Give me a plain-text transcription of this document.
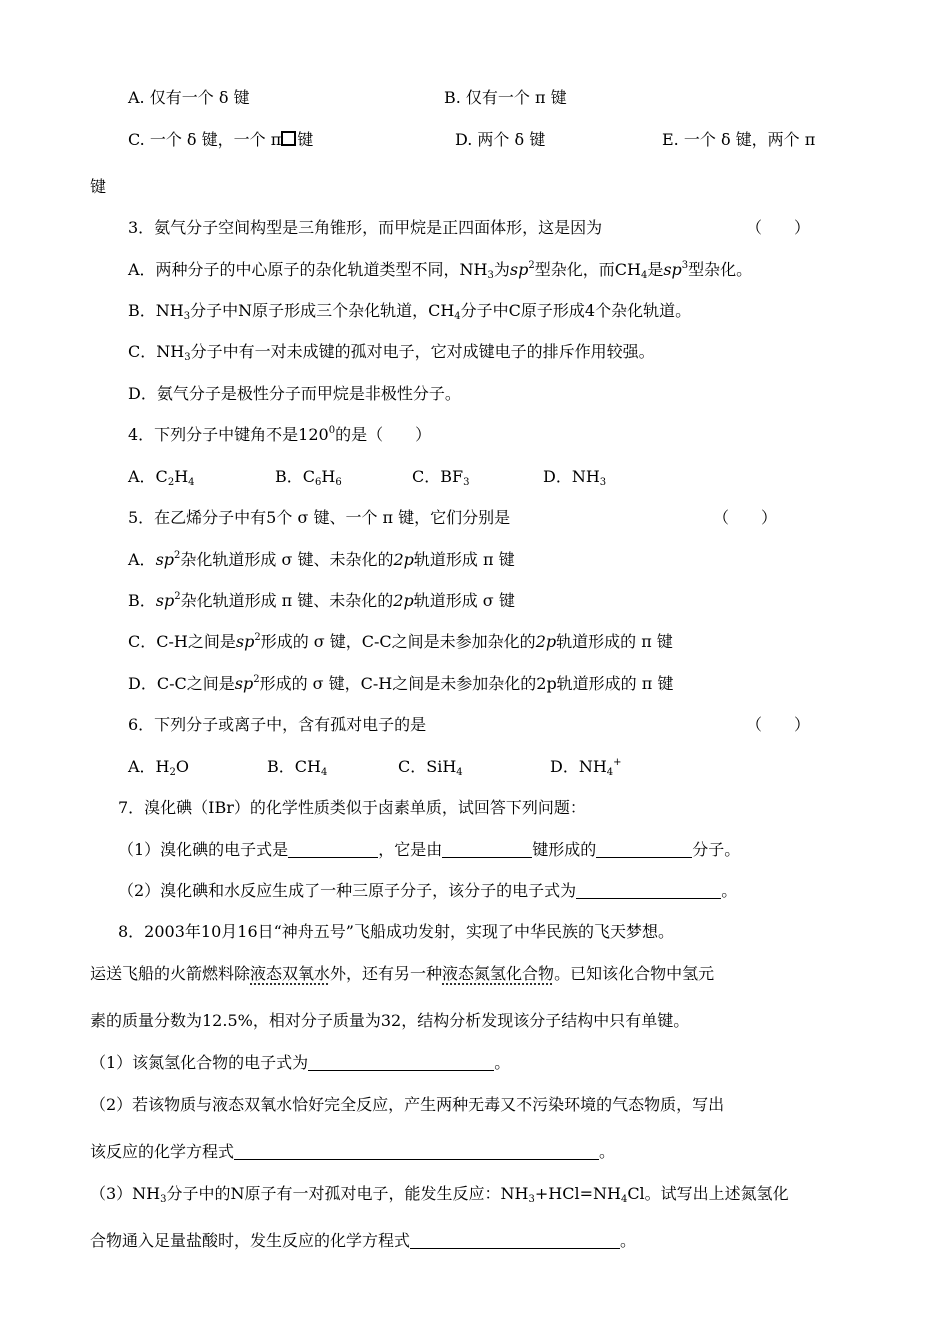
A. 仅有一个 δ 键	B. 仅有一个 π 键
C. 一个 δ 键，一个 π 键	D. 两个 δ 键	E. 一个 δ 键，两个 π
键
3．氨气分子空间构型是三角锥形，而甲烷是正四面体形，这是因为	（　　）
A．两种分子的中心原子的杂化轨道类型不同，$NH_3$为$sp^2$型杂化，而$CH_4$是$sp^3$型杂化。
B．$NH_3$分子中N原子形成三个杂化轨道，$CH_4$分子中C原子形成4个杂化轨道。
C．$NH_3$分子中有一对未成键的孤对电子，它对成键电子的排斥作用较强。
D．氨气分子是极性分子而甲烷是非极性分子。
4．下列分子中键角不是$120^0$的是（　　）
A．$C_2H_4$	B．$C_6H_6$	C．$BF_3$	D．$NH_3$
5．在乙烯分子中有5个 σ 键、一个 π 键，它们分别是	（　　）
A．$sp^2$杂化轨道形成 σ 键、未杂化的2p轨道形成 π 键
B．$sp^2$杂化轨道形成 π 键、未杂化的2p轨道形成 σ 键
C．C-H之间是$sp^2$形成的 σ 键，C-C之间是未参加杂化的2p轨道形成的 π 键
D．C-C之间是$sp^2$形成的 σ 键，C-H之间是未参加杂化的2p轨道形成的 π 键
6．下列分子或离子中，含有孤对电子的是	（　　）
A．$H_2O$	B．$CH_4$	C．SiH$_4$	D．$NH_4^+$
7．溴化碘（IBr）的化学性质类似于卤素单质，试回答下列问题：
（1）溴化碘的电子式是	，它是由	键形成的	分子。
（2）溴化碘和水反应生成了一种三原子分子，该分子的电子式为	。
8．2003年10月16日“神舟五号”飞船成功发射，实现了中华民族的飞天梦想。
运送飞船的火箭燃料除液态双氧水外，还有另一种液态氮氢化合物。已知该化合物中氢元
素的质量分数为12.5%，相对分子质量为32，结构分析发现该分子结构中只有单键。
（1）该氮氢化合物的电子式为	。
（2）若该物质与液态双氧水恰好完全反应，产生两种无毒又不污染环境的气态物质，写出
该反应的化学方程式	。
$(3)NH_3$分子中的N原子有一对孤对电子，能发生反应：$NH_3+HCl=NH_4Cl$。试写出上述氮氢化
合物通入足量盐酸时，发生反应的化学方程式	。
